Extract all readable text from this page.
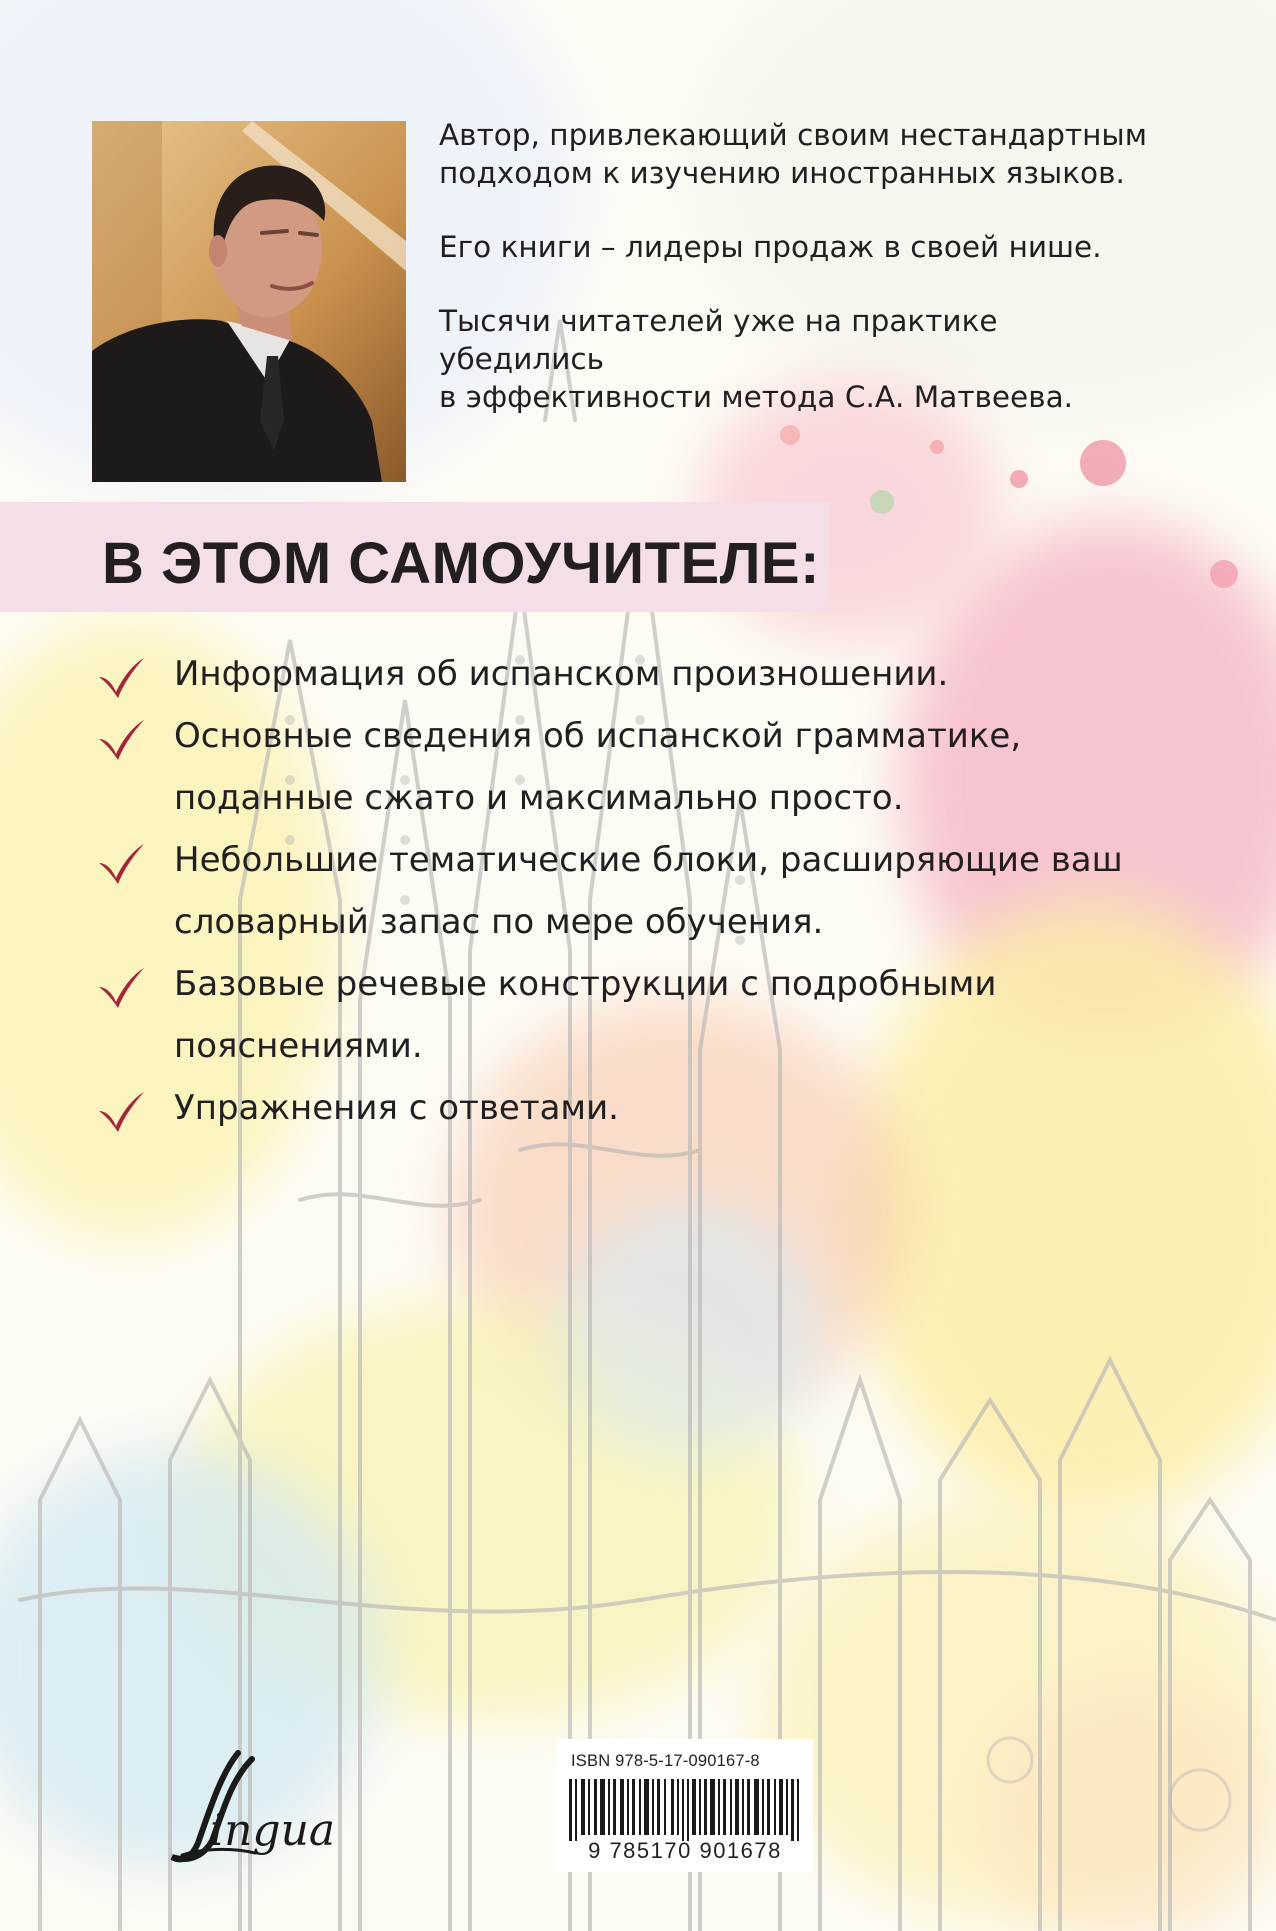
Автор, привлекающий своим нестандартным
подходом к изучению иностранных языков.

Его книги – лидеры продаж в своей нише.

Тысячи читателей уже на практике убедились
в эффективности метода С.А. Матвеева.

В ЭТОМ САМОУЧИТЕЛЕ:
Информация об испанском произношении.
Основные сведения об испанской грамматике,
поданные сжато и максимально просто.
Небольшие тематические блоки, расширяющие ваш
словарный запас по мере обучения.
Базовые речевые конструкции с подробными
пояснениями.
Упражнения с ответами.
ingua
ISBN 978-5-17-090167-8
9 785170 901678
